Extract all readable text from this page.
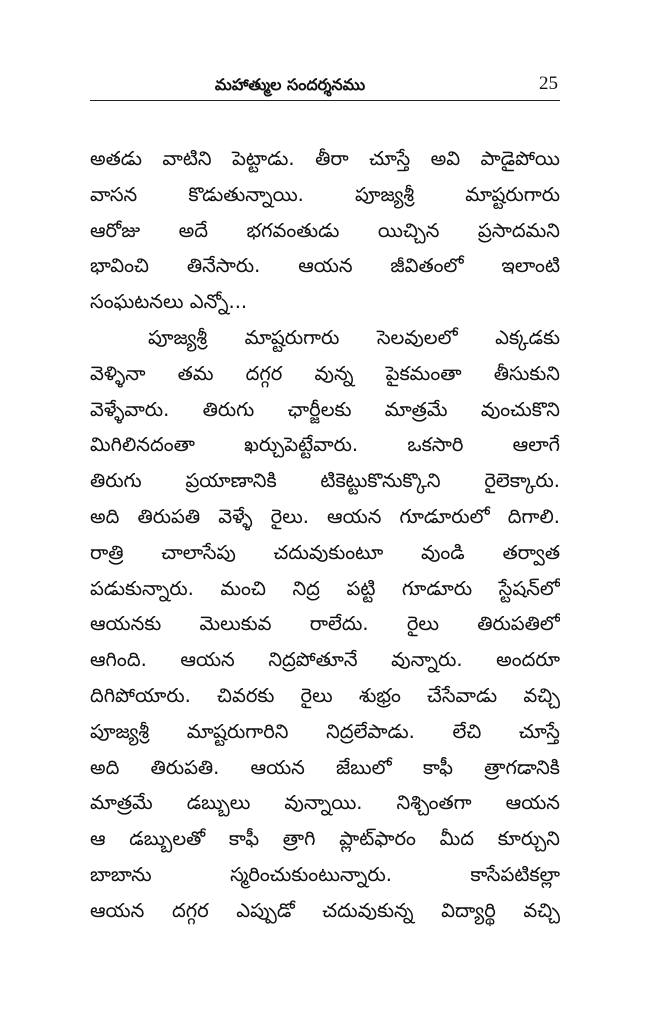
మహాత్ముల సందర్శనము	25
అతడు వాటిని పెట్టాడు. తీరా చూస్తే అవి పాడైపోయి
వాసన కొడుతున్నాయి. పూజ్యశ్రీ మాష్టరుగారు
ఆరోజు అదే భగవంతుడు యిచ్చిన ప్రసాదమని
భావించి తినేసారు. ఆయన జీవితంలో ఇలాంటి
సంఘటనలు ఎన్నో...
పూజ్యశ్రీ మాష్టరుగారు సెలవులలో ఎక్కడకు
వెళ్ళినా తమ దగ్గర వున్న పైకమంతా తీసుకుని
వెళ్ళేవారు. తిరుగు ఛార్జీలకు మాత్రమే వుంచుకొని
మిగిలినదంతా ఖర్చుపెట్టేవారు. ఒకసారి ఆలాగే
తిరుగు ప్రయాణానికి టికెట్టుకొనుక్కొని రైలెక్కారు.
అది తిరుపతి వెళ్ళే రైలు. ఆయన గూడూరులో దిగాలి.
రాత్రి చాలాసేపు చదువుకుంటూ వుండి తర్వాత
పడుకున్నారు. మంచి నిద్ర పట్టి గూడూరు స్టేషన్‌లో
ఆయనకు మెలుకువ రాలేదు. రైలు తిరుపతిలో
ఆగింది. ఆయన నిద్రపోతూనే వున్నారు. అందరూ
దిగిపోయారు. చివరకు రైలు శుభ్రం చేసేవాడు వచ్చి
పూజ్యశ్రీ మాష్టరుగారిని నిద్రలేపాడు. లేచి చూస్తే
అది తిరుపతి. ఆయన జేబులో కాఫీ త్రాగడానికి
మాత్రమే డబ్బులు వున్నాయి. నిశ్చింతగా ఆయన
ఆ డబ్బులతో కాఫీ త్రాగి ప్లాట్‌ఫారం మీద కూర్చుని
బాబాను స్మరించుకుంటున్నారు. కాసేపటికల్లా
ఆయన దగ్గర ఎప్పుడో చదువుకున్న విద్యార్థి వచ్చి
